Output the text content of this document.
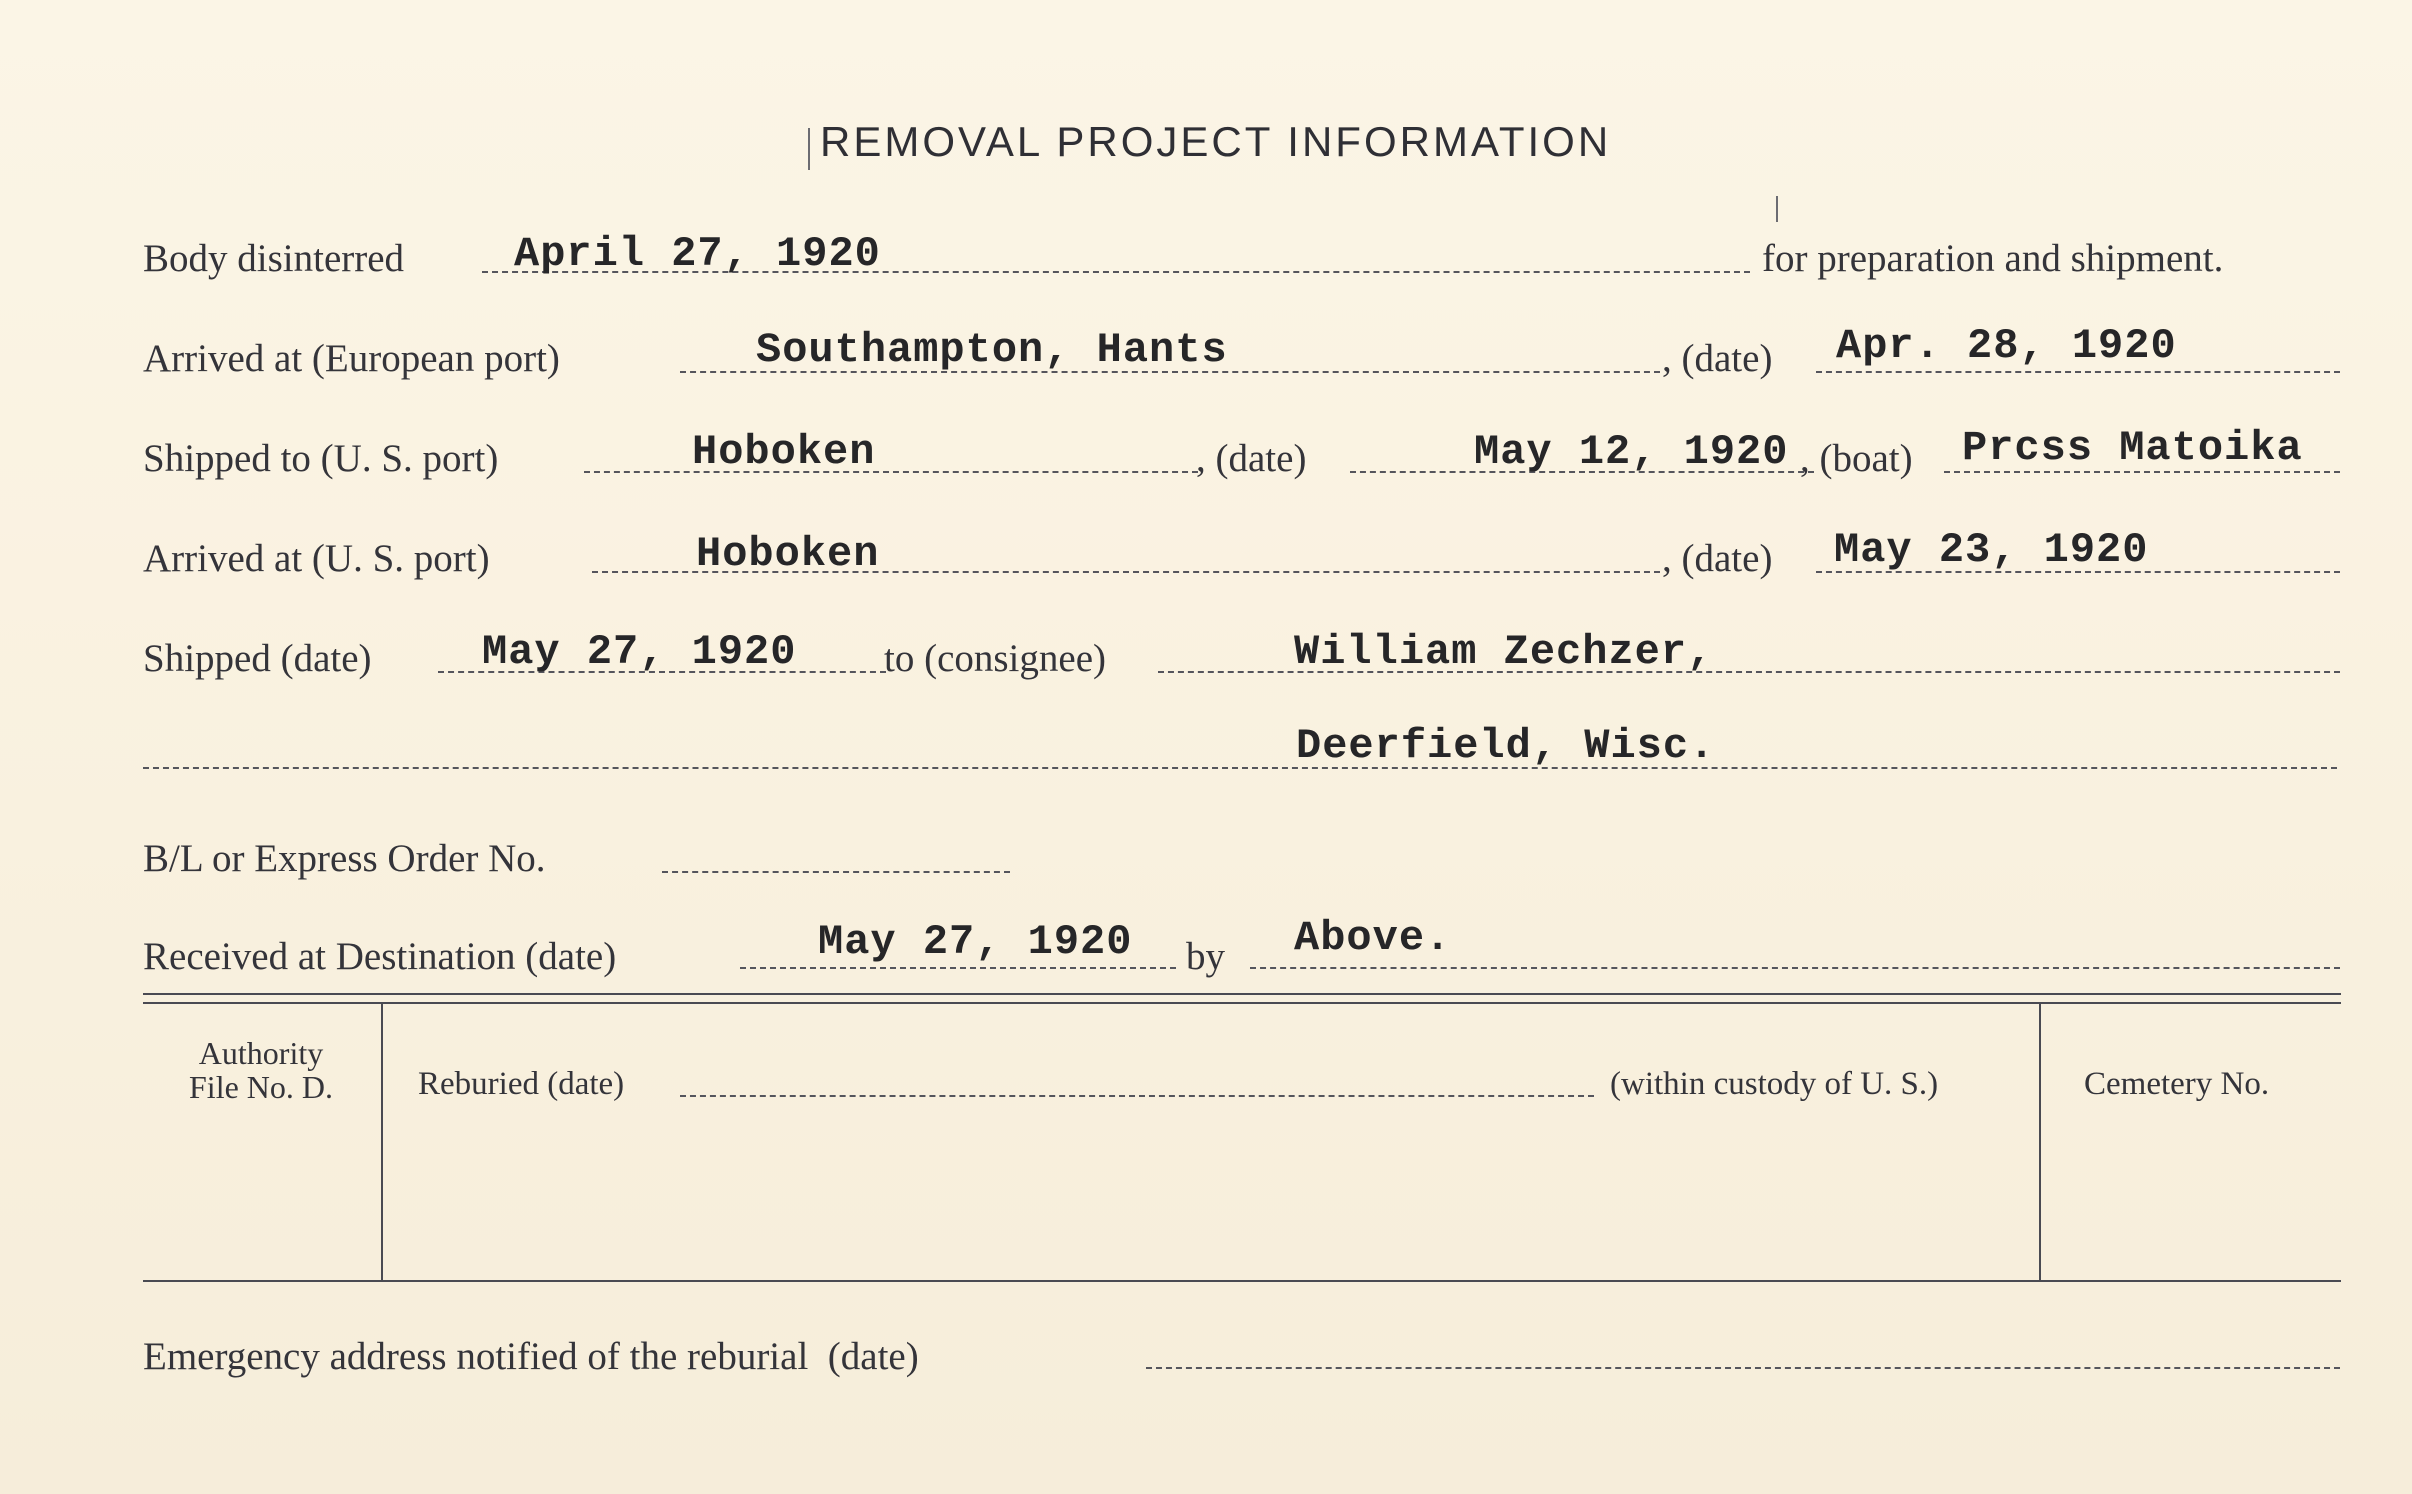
REMOVAL PROJECT INFORMATION
Body disinterred	April 27, 1920	for preparation and shipment.
Arrived at (European port)	Southampton, Hants	, (date) Apr. 28, 1920
Shipped to (U. S. port)	Hoboken	, (date)	May 12, 1920 , (boat) Prcss Matoika
Arrived at (U. S. port)	Hoboken	, (date) May 23, 1920
Shipped (date)	May 27, 1920 to (consignee)	William Zechzer,
Deerfield, Wisc.
B/L or Express Order No.
Received at Destination (date)	May 27, 1920 by Above.
Authority
File No. D.	Reburied (date)	(within custody of U. S.)	Cemetery No.
Emergency address notified of the reburial  (date)
